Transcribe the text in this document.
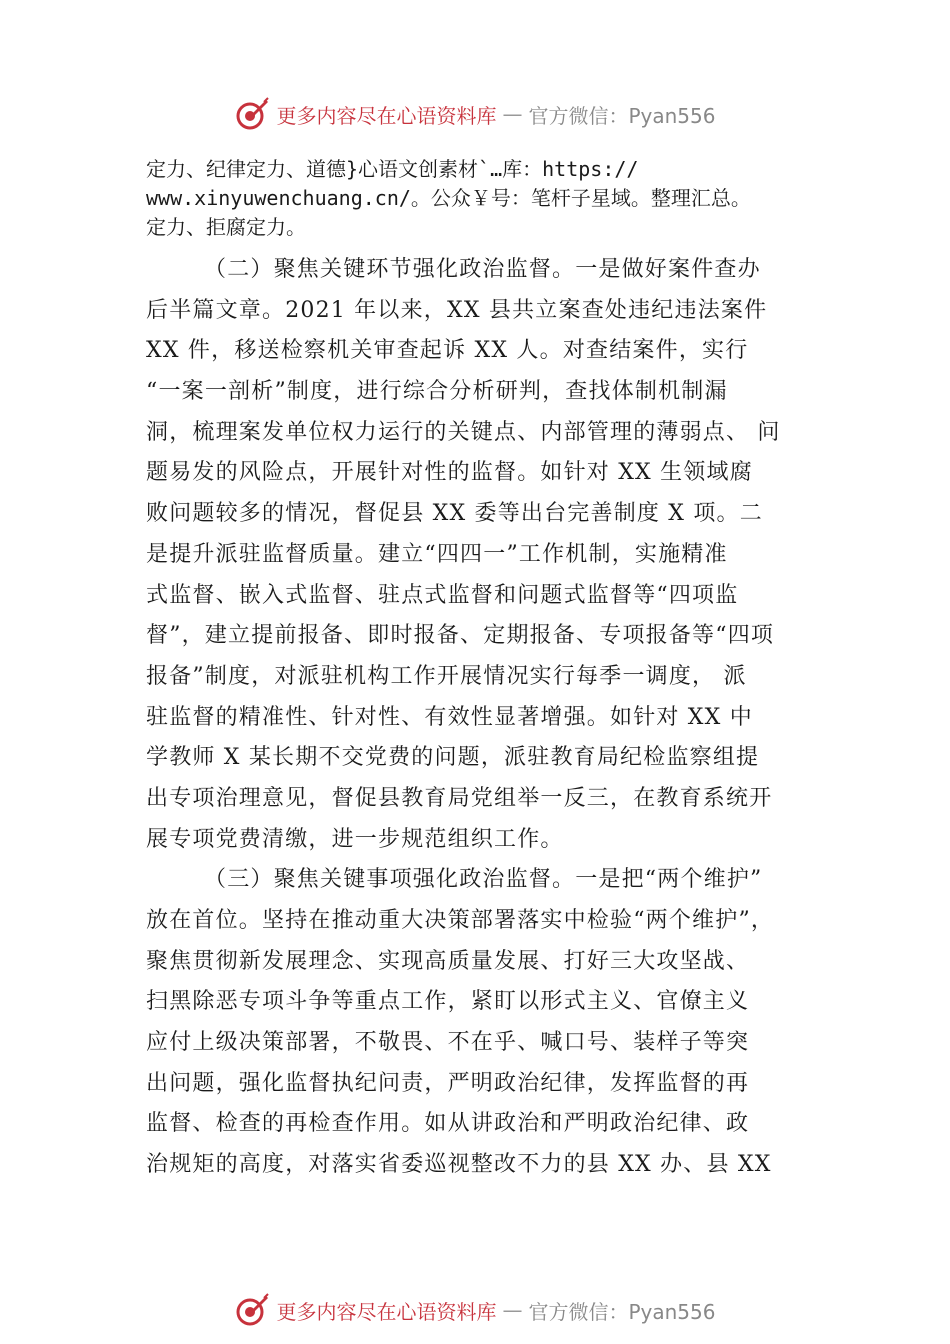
更多内容尽在心语资料库 — 官方微信：Pyan556
定力、纪律定力、道德}心语文创素材`…库：https://
www.xinyuwenchuang.cn/。公众￥号：笔杆子星域。整理汇总。
定力、拒腐定力。
（二）聚焦关键环节强化政治监督。一是做好案件查办
后半篇文章。2021 年以来，XX 县共立案查处违纪违法案件
XX 件，移送检察机关审查起诉 XX 人。对查结案件，实行
“一案一剖析”制度，进行综合分析研判，查找体制机制漏
洞，梳理案发单位权力运行的关键点、内部管理的薄弱点、 问
题易发的风险点，开展针对性的监督。如针对 XX 生领域腐
败问题较多的情况，督促县 XX 委等出台完善制度 X 项。二
是提升派驻监督质量。建立“四四一”工作机制，实施精准
式监督、嵌入式监督、驻点式监督和问题式监督等“四项监
督”，建立提前报备、即时报备、定期报备、专项报备等“四项
报备”制度，对派驻机构工作开展情况实行每季一调度， 派
驻监督的精准性、针对性、有效性显著增强。如针对 XX 中
学教师 X 某长期不交党费的问题，派驻教育局纪检监察组提
出专项治理意见，督促县教育局党组举一反三，在教育系统开
展专项党费清缴，进一步规范组织工作。
（三）聚焦关键事项强化政治监督。一是把“两个维护”
放在首位。坚持在推动重大决策部署落实中检验“两个维护”，
聚焦贯彻新发展理念、实现高质量发展、打好三大攻坚战、
扫黑除恶专项斗争等重点工作，紧盯以形式主义、官僚主义
应付上级决策部署，不敬畏、不在乎、喊口号、装样子等突
出问题，强化监督执纪问责，严明政治纪律，发挥监督的再
监督、检查的再检查作用。如从讲政治和严明政治纪律、政
治规矩的高度，对落实省委巡视整改不力的县 XX 办、县 XX
更多内容尽在心语资料库 — 官方微信：Pyan556
